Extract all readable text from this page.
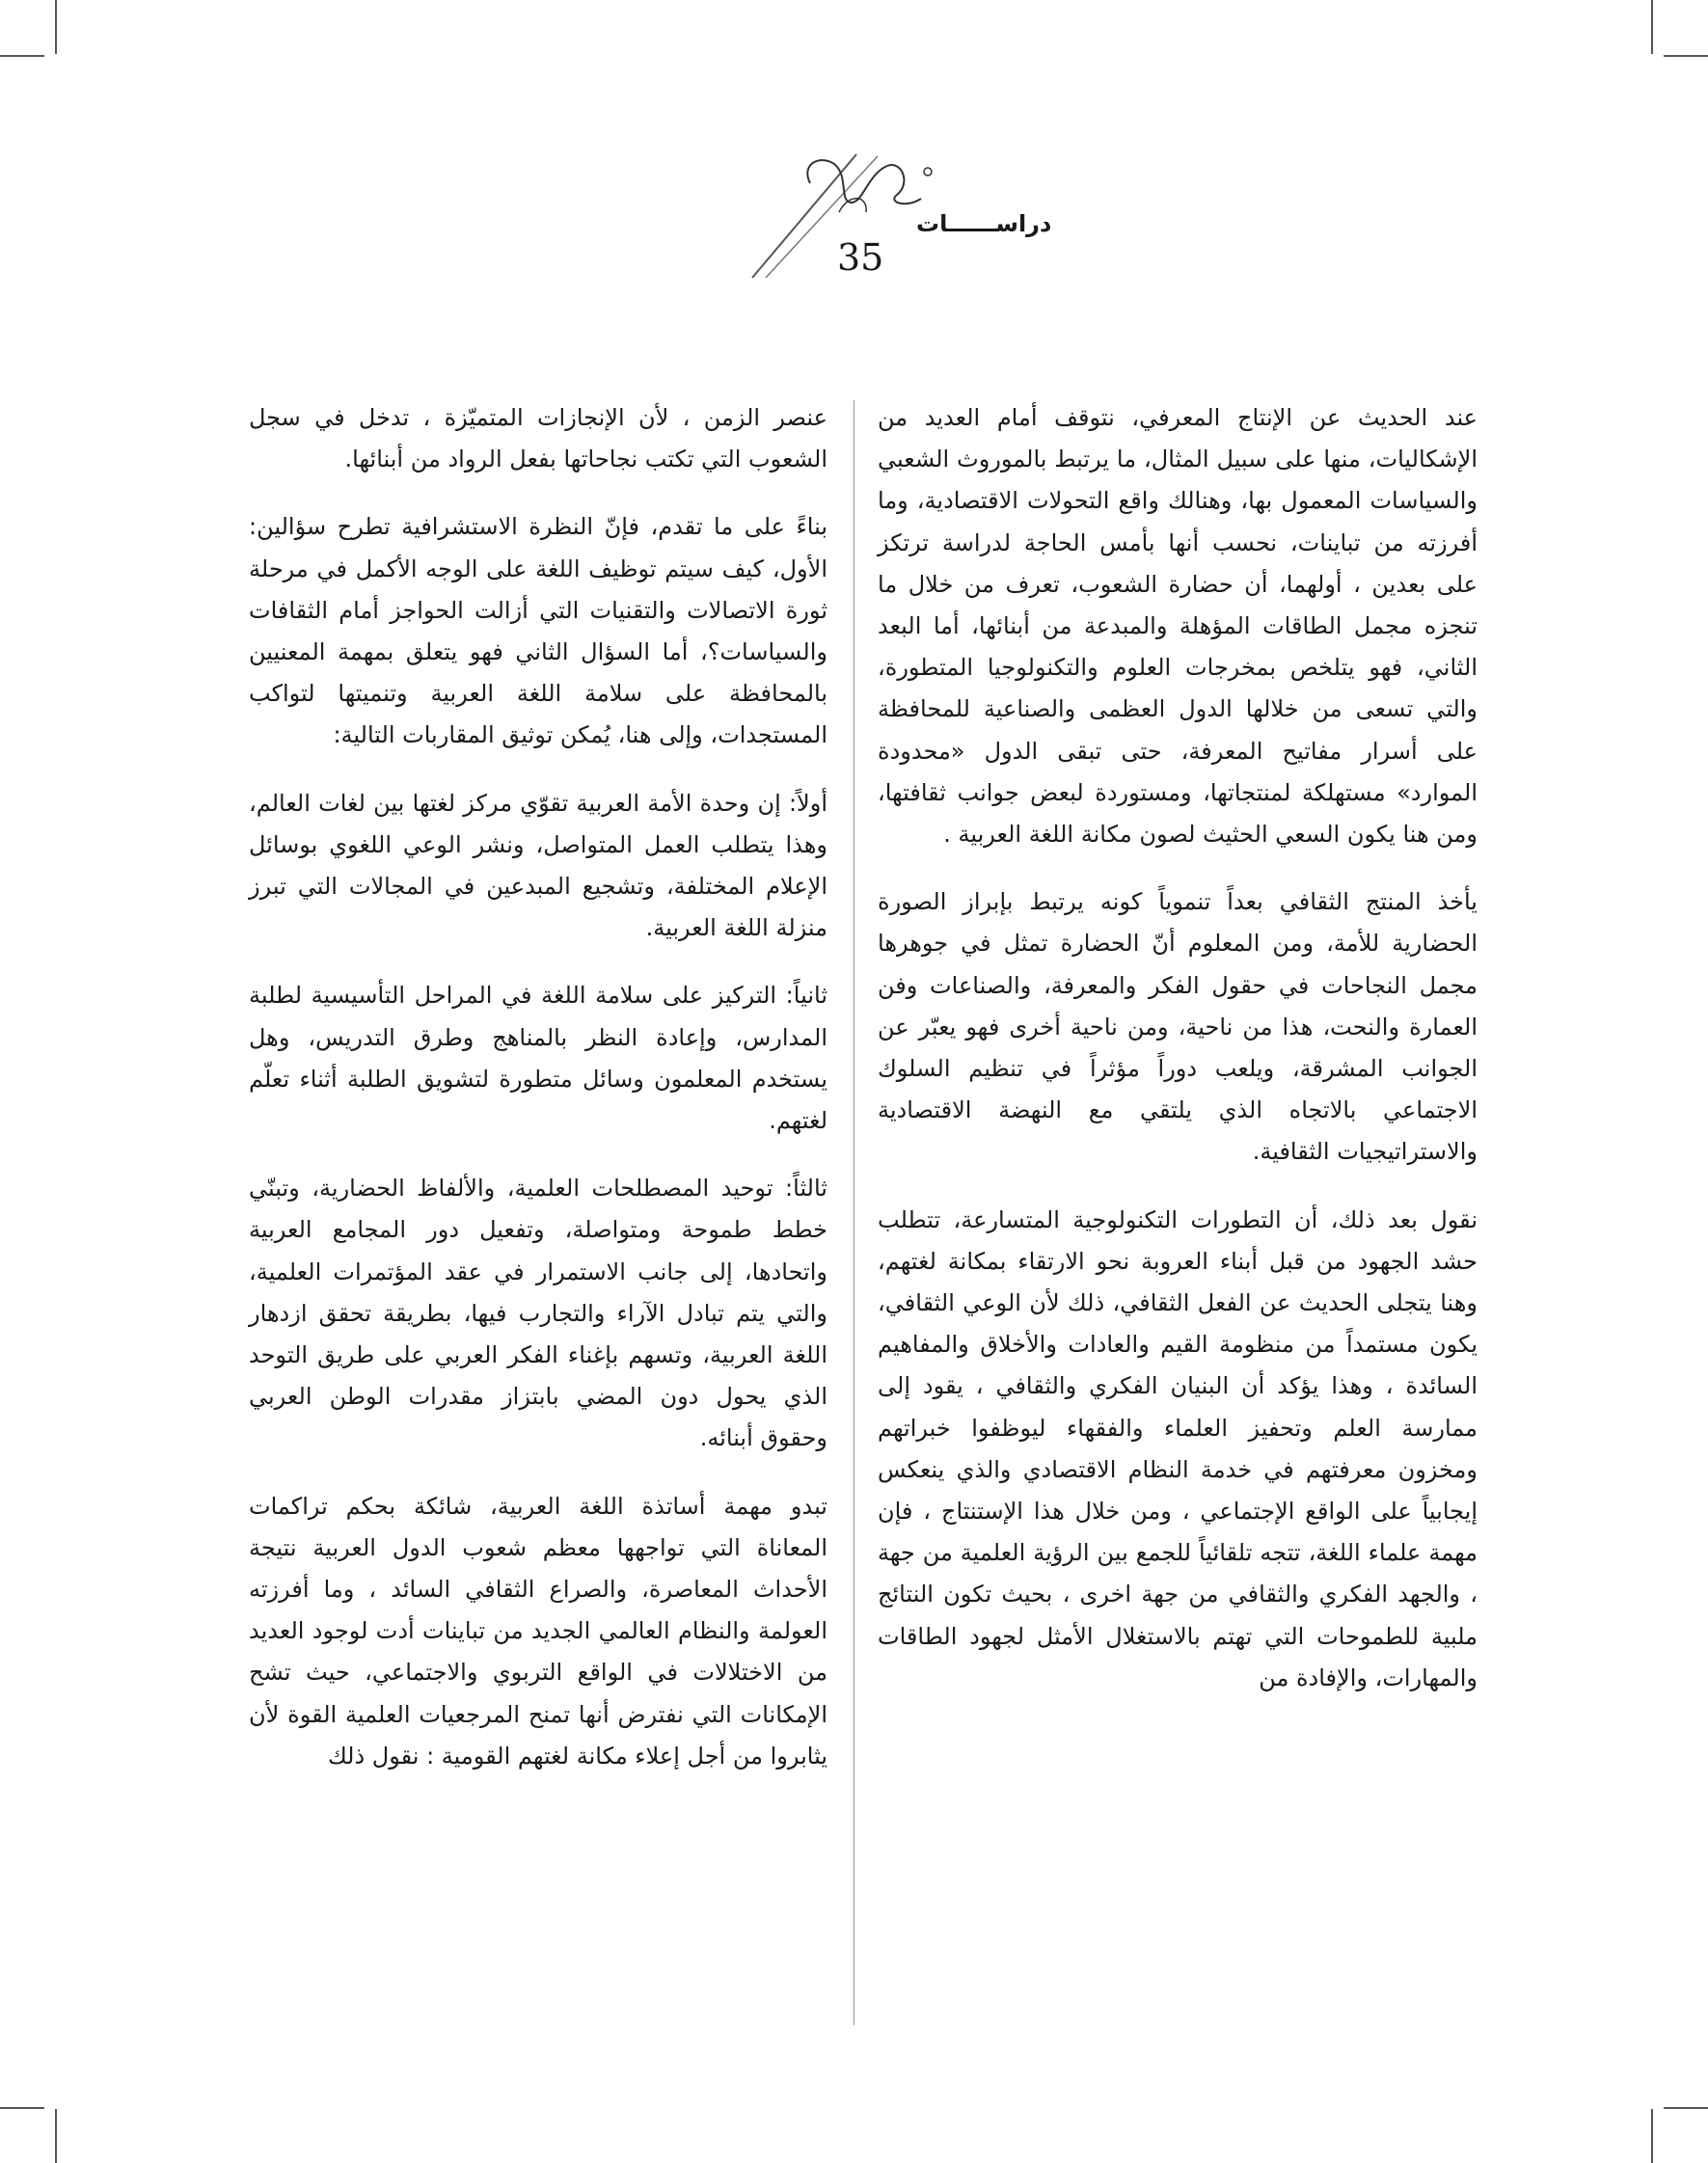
دراســــــات
35

عند الحديث عن الإنتاج المعرفي، نتوقف أمام العديد من الإشكاليات، منها على سبيل المثال، ما يرتبط بالموروث الشعبي والسياسات المعمول بها، وهنالك واقع التحولات الاقتصادية، وما أفرزته من تباينات، نحسب أنها بأمس الحاجة لدراسة ترتكز على بعدين ، أولهما، أن حضارة الشعوب، تعرف من خلال ما تنجزه مجمل الطاقات المؤهلة والمبدعة من أبنائها، أما البعد الثاني، فهو يتلخص بمخرجات العلوم والتكنولوجيا المتطورة، والتي تسعى من خلالها الدول العظمى والصناعية للمحافظة على أسرار مفاتيح المعرفة، حتى تبقى الدول «محدودة الموارد» مستهلكة لمنتجاتها، ومستوردة لبعض جوانب ثقافتها، ومن هنا يكون السعي الحثيث لصون مكانة اللغة العربية .

يأخذ المنتج الثقافي بعداً تنموياً كونه يرتبط بإبراز الصورة الحضارية للأمة، ومن المعلوم أنّ الحضارة تمثل في جوهرها مجمل النجاحات في حقول الفكر والمعرفة، والصناعات وفن العمارة والنحت، هذا من ناحية، ومن ناحية أخرى فهو يعبّر عن الجوانب المشرقة، ويلعب دوراً مؤثراً في تنظيم السلوك الاجتماعي بالاتجاه الذي يلتقي مع النهضة الاقتصادية والاستراتيجيات الثقافية.

نقول بعد ذلك، أن التطورات التكنولوجية المتسارعة، تتطلب حشد الجهود من قبل أبناء العروبة نحو الارتقاء بمكانة لغتهم، وهنا يتجلى الحديث عن الفعل الثقافي، ذلك لأن الوعي الثقافي، يكون مستمداً من منظومة القيم والعادات والأخلاق والمفاهيم السائدة ، وهذا يؤكد أن البنيان الفكري والثقافي ، يقود إلى ممارسة العلم وتحفيز العلماء والفقهاء ليوظفوا خبراتهم ومخزون معرفتهم في خدمة النظام الاقتصادي والذي ينعكس إيجابياً على الواقع الإجتماعي ، ومن خلال هذا الإستنتاج ، فإن مهمة علماء اللغة، تتجه تلقائياً للجمع بين الرؤية العلمية من جهة ، والجهد الفكري والثقافي من جهة اخرى ، بحيث تكون النتائج ملبية للطموحات التي تهتم بالاستغلال الأمثل لجهود الطاقات والمهارات، والإفادة من

عنصر الزمن ، لأن الإنجازات المتميّزة ، تدخل في سجل الشعوب التي تكتب نجاحاتها بفعل الرواد من أبنائها.

بناءً على ما تقدم، فإنّ النظرة الاستشرافية تطرح سؤالين: الأول، كيف سيتم توظيف اللغة على الوجه الأكمل في مرحلة ثورة الاتصالات والتقنيات التي أزالت الحواجز أمام الثقافات والسياسات؟، أما السؤال الثاني فهو يتعلق بمهمة المعنيين بالمحافظة على سلامة اللغة العربية وتنميتها لتواكب المستجدات، وإلى هنا، يُمكن توثيق المقاربات التالية:

أولاً: إن وحدة الأمة العربية تقوّي مركز لغتها بين لغات العالم، وهذا يتطلب العمل المتواصل، ونشر الوعي اللغوي بوسائل الإعلام المختلفة، وتشجيع المبدعين في المجالات التي تبرز منزلة اللغة العربية.

ثانياً: التركيز على سلامة اللغة في المراحل التأسيسية لطلبة المدارس، وإعادة النظر بالمناهج وطرق التدريس، وهل يستخدم المعلمون وسائل متطورة لتشويق الطلبة أثناء تعلّم لغتهم.

ثالثاً: توحيد المصطلحات العلمية، والألفاظ الحضارية، وتبنّي خطط طموحة ومتواصلة، وتفعيل دور المجامع العربية واتحادها، إلى جانب الاستمرار في عقد المؤتمرات العلمية، والتي يتم تبادل الآراء والتجارب فيها، بطريقة تحقق ازدهار اللغة العربية، وتسهم بإغناء الفكر العربي على طريق التوحد الذي يحول دون المضي بابتزاز مقدرات الوطن العربي وحقوق أبنائه.

تبدو مهمة أساتذة اللغة العربية، شائكة بحكم تراكمات المعاناة التي تواجهها معظم شعوب الدول العربية نتيجة الأحداث المعاصرة، والصراع الثقافي السائد ، وما أفرزته العولمة والنظام العالمي الجديد من تباينات أدت لوجود العديد من الاختلالات في الواقع التربوي والاجتماعي، حيث تشح الإمكانات التي نفترض أنها تمنح المرجعيات العلمية القوة لأن يثابروا من أجل إعلاء مكانة لغتهم القومية : نقول ذلك
